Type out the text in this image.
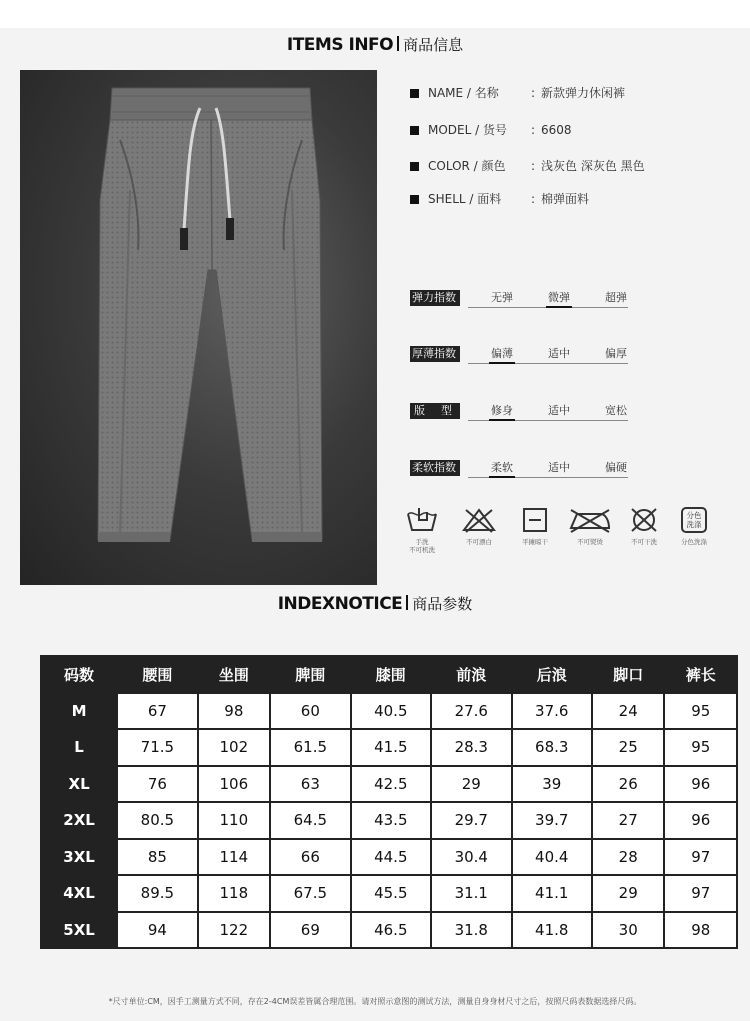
ITEMS INFO 商品信息
NAME / 名称	: 新款弹力休闲裤
MODEL / 货号 : 6608
COLOR / 颜色 : 浅灰色 深灰色 黑色
SHELL / 面料 : 棉弹面料
弹力指数	无弹	微弹	超弹
厚薄指数	偏薄	适中	偏厚
版型	修身	适中	宽松
柔软指数	柔软	适中	偏硬
手洗
不可机洗
不可漂白	平摊晾干	不可熨烫	不可干洗
分色
洗涤
分色洗涤
INDEXNOTICE 商品参数
码数	腰围	坐围	脾围	膝围	前浪	后浪	脚口	裤长
M	67	98	60	40.5	27.6	37.6	24	95
L	71.5	102	61.5	41.5	28.3	68.3	25	95
XL	76	106	63	42.5	29	39	26	96
2XL	80.5	110	64.5	43.5	29.7	39.7	27	96
3XL	85	114	66	44.5	30.4	40.4	28	97
4XL	89.5	118	67.5	45.5	31.1	41.1	29	97
5XL	94	122	69	46.5	31.8	41.8	30	98
*尺寸单位:CM，因手工测量方式不同，存在2-4CM误差皆属合理范围。请对照示意图的测试方法，测量自身身材尺寸之后，按照尺码表数据选择尺码。
